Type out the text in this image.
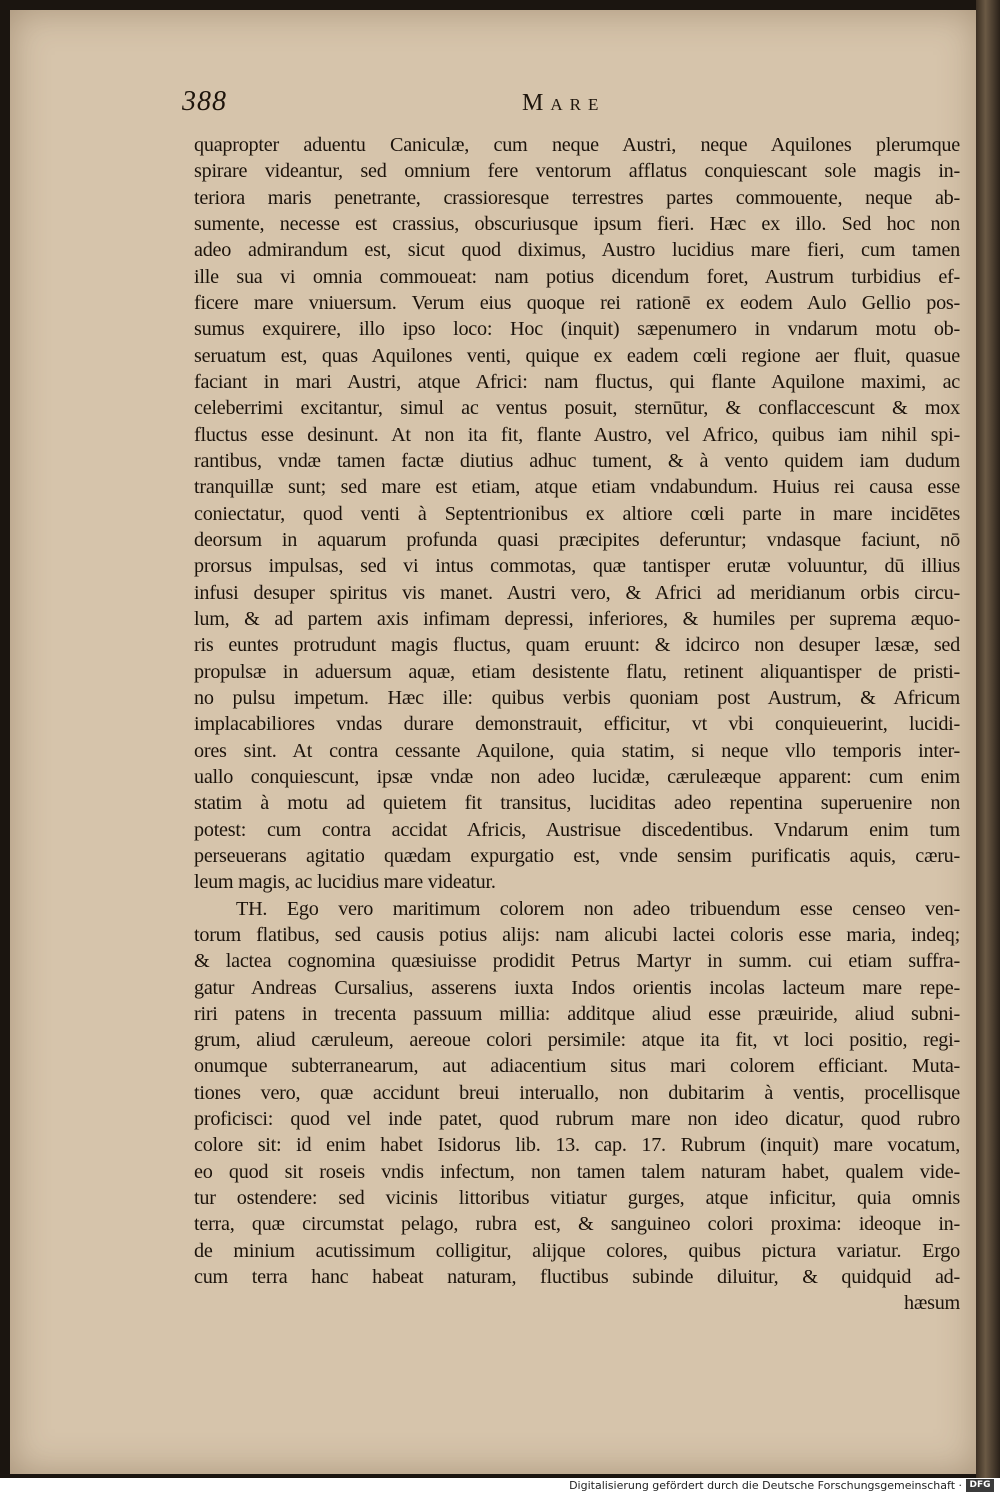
388	Mare
quapropter aduentu Caniculæ, cum neque Austri, neque Aquilones plerumque
spirare videantur, sed omnium fere ventorum afflatus conquiescant sole magis in-
teriora maris penetrante, crassioresque terrestres partes commouente, neque ab-
sumente, necesse est crassius, obscuriusque ipsum fieri. Hæc ex illo. Sed hoc non
adeo admirandum est, sicut quod diximus, Austro lucidius mare fieri, cum tamen
ille sua vi omnia commoueat: nam potius dicendum foret, Austrum turbidius ef-
ficere mare vniuersum. Verum eius quoque rei rationē ex eodem Aulo Gellio pos-
sumus exquirere, illo ipso loco: Hoc (inquit) sæpenumero in vndarum motu ob-
seruatum est, quas Aquilones venti, quique ex eadem cœli regione aer fluit, quasue
faciant in mari Austri, atque Africi: nam fluctus, qui flante Aquilone maximi, ac
celeberrimi excitantur, simul ac ventus posuit, sternūtur, & conflaccescunt & mox
fluctus esse desinunt. At non ita fit, flante Austro, vel Africo, quibus iam nihil spi-
rantibus, vndæ tamen factæ diutius adhuc tument, & à vento quidem iam dudum
tranquillæ sunt; sed mare est etiam, atque etiam vndabundum. Huius rei causa esse
coniectatur, quod venti à Septentrionibus ex altiore cœli parte in mare incidētes
deorsum in aquarum profunda quasi præcipites deferuntur; vndasque faciunt, nō
prorsus impulsas, sed vi intus commotas, quæ tantisper erutæ voluuntur, dū illius
infusi desuper spiritus vis manet. Austri vero, & Africi ad meridianum orbis circu-
lum, & ad partem axis infimam depressi, inferiores, & humiles per suprema æquo-
ris euntes protrudunt magis fluctus, quam eruunt: & idcirco non desuper læsæ, sed
propulsæ in aduersum aquæ, etiam desistente flatu, retinent aliquantisper de pristi-
no pulsu impetum. Hæc ille: quibus verbis quoniam post Austrum, & Africum
implacabiliores vndas durare demonstrauit, efficitur, vt vbi conquieuerint, lucidi-
ores sint. At contra cessante Aquilone, quia statim, si neque vllo temporis inter-
uallo conquiescunt, ipsæ vndæ non adeo lucidæ, cæruleæque apparent: cum enim
statim à motu ad quietem fit transitus, luciditas adeo repentina superuenire non
potest: cum contra accidat Africis, Austrisue discedentibus. Vndarum enim tum
perseuerans agitatio quædam expurgatio est, vnde sensim purificatis aquis, cæru-
leum magis, ac lucidius mare videatur.
TH. Ego vero maritimum colorem non adeo tribuendum esse censeo ven-
torum flatibus, sed causis potius alijs: nam alicubi lactei coloris esse maria, indeq;
& lactea cognomina quæsiuisse prodidit Petrus Martyr in summ. cui etiam suffra-
gatur Andreas Cursalius, asserens iuxta Indos orientis incolas lacteum mare repe-
riri patens in trecenta passuum millia: additque aliud esse præuiride, aliud subni-
grum, aliud cæruleum, aereoue colori persimile: atque ita fit, vt loci positio, regi-
onumque subterranearum, aut adiacentium situs mari colorem efficiant. Muta-
tiones vero, quæ accidunt breui interuallo, non dubitarim à ventis, procellisque
proficisci: quod vel inde patet, quod rubrum mare non ideo dicatur, quod rubro
colore sit: id enim habet Isidorus lib. 13. cap. 17. Rubrum (inquit) mare vocatum,
eo quod sit roseis vndis infectum, non tamen talem naturam habet, qualem vide-
tur ostendere: sed vicinis littoribus vitiatur gurges, atque inficitur, quia omnis
terra, quæ circumstat pelago, rubra est, & sanguineo colori proxima: ideoque in-
de minium acutissimum colligitur, alijque colores, quibus pictura variatur. Ergo
cum terra hanc habeat naturam, fluctibus subinde diluitur, & quidquid ad-
hæsum
Digitalisierung gefördert durch die Deutsche Forschungsgemeinschaft · DFG
